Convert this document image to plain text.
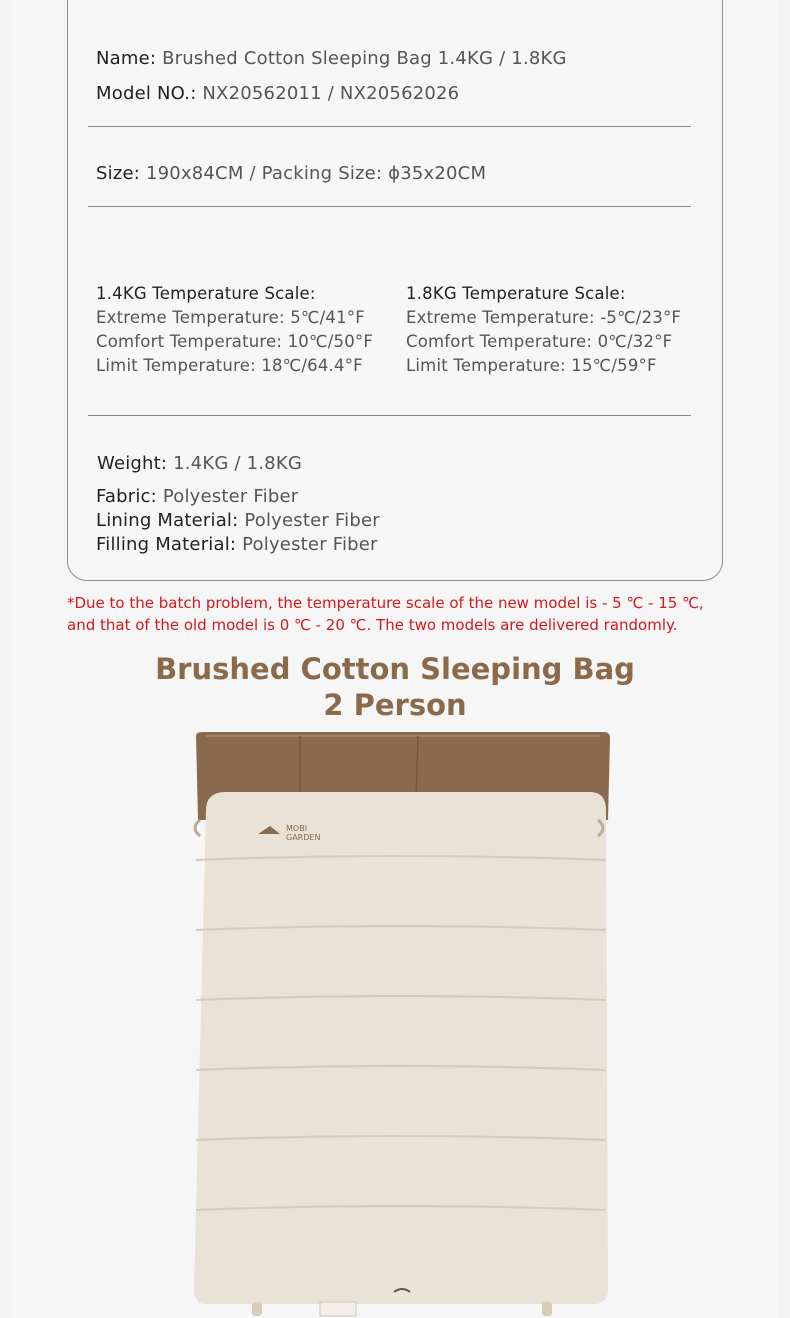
Name: Brushed Cotton Sleeping Bag 1.4KG / 1.8KG
Model NO.: NX20562011 / NX20562026
Size: 190x84CM / Packing Size: ϕ35x20CM
1.4KG Temperature Scale:
Extreme Temperature: 5℃/41°F
Comfort Temperature: 10℃/50°F
Limit Temperature: 18℃/64.4°F
1.8KG Temperature Scale:
Extreme Temperature: -5℃/23°F
Comfort Temperature: 0℃/32°F
Limit Temperature: 15℃/59°F
Weight: 1.4KG / 1.8KG
Fabric: Polyester Fiber
Lining Material: Polyester Fiber
Filling Material: Polyester Fiber
*Due to the batch problem, the temperature scale of the new model is - 5 ℃ - 15 ℃,
and that of the old model is 0 ℃ - 20 ℃. The two models are delivered randomly.
Brushed Cotton Sleeping Bag
2 Person
MOBI
GARDEN
